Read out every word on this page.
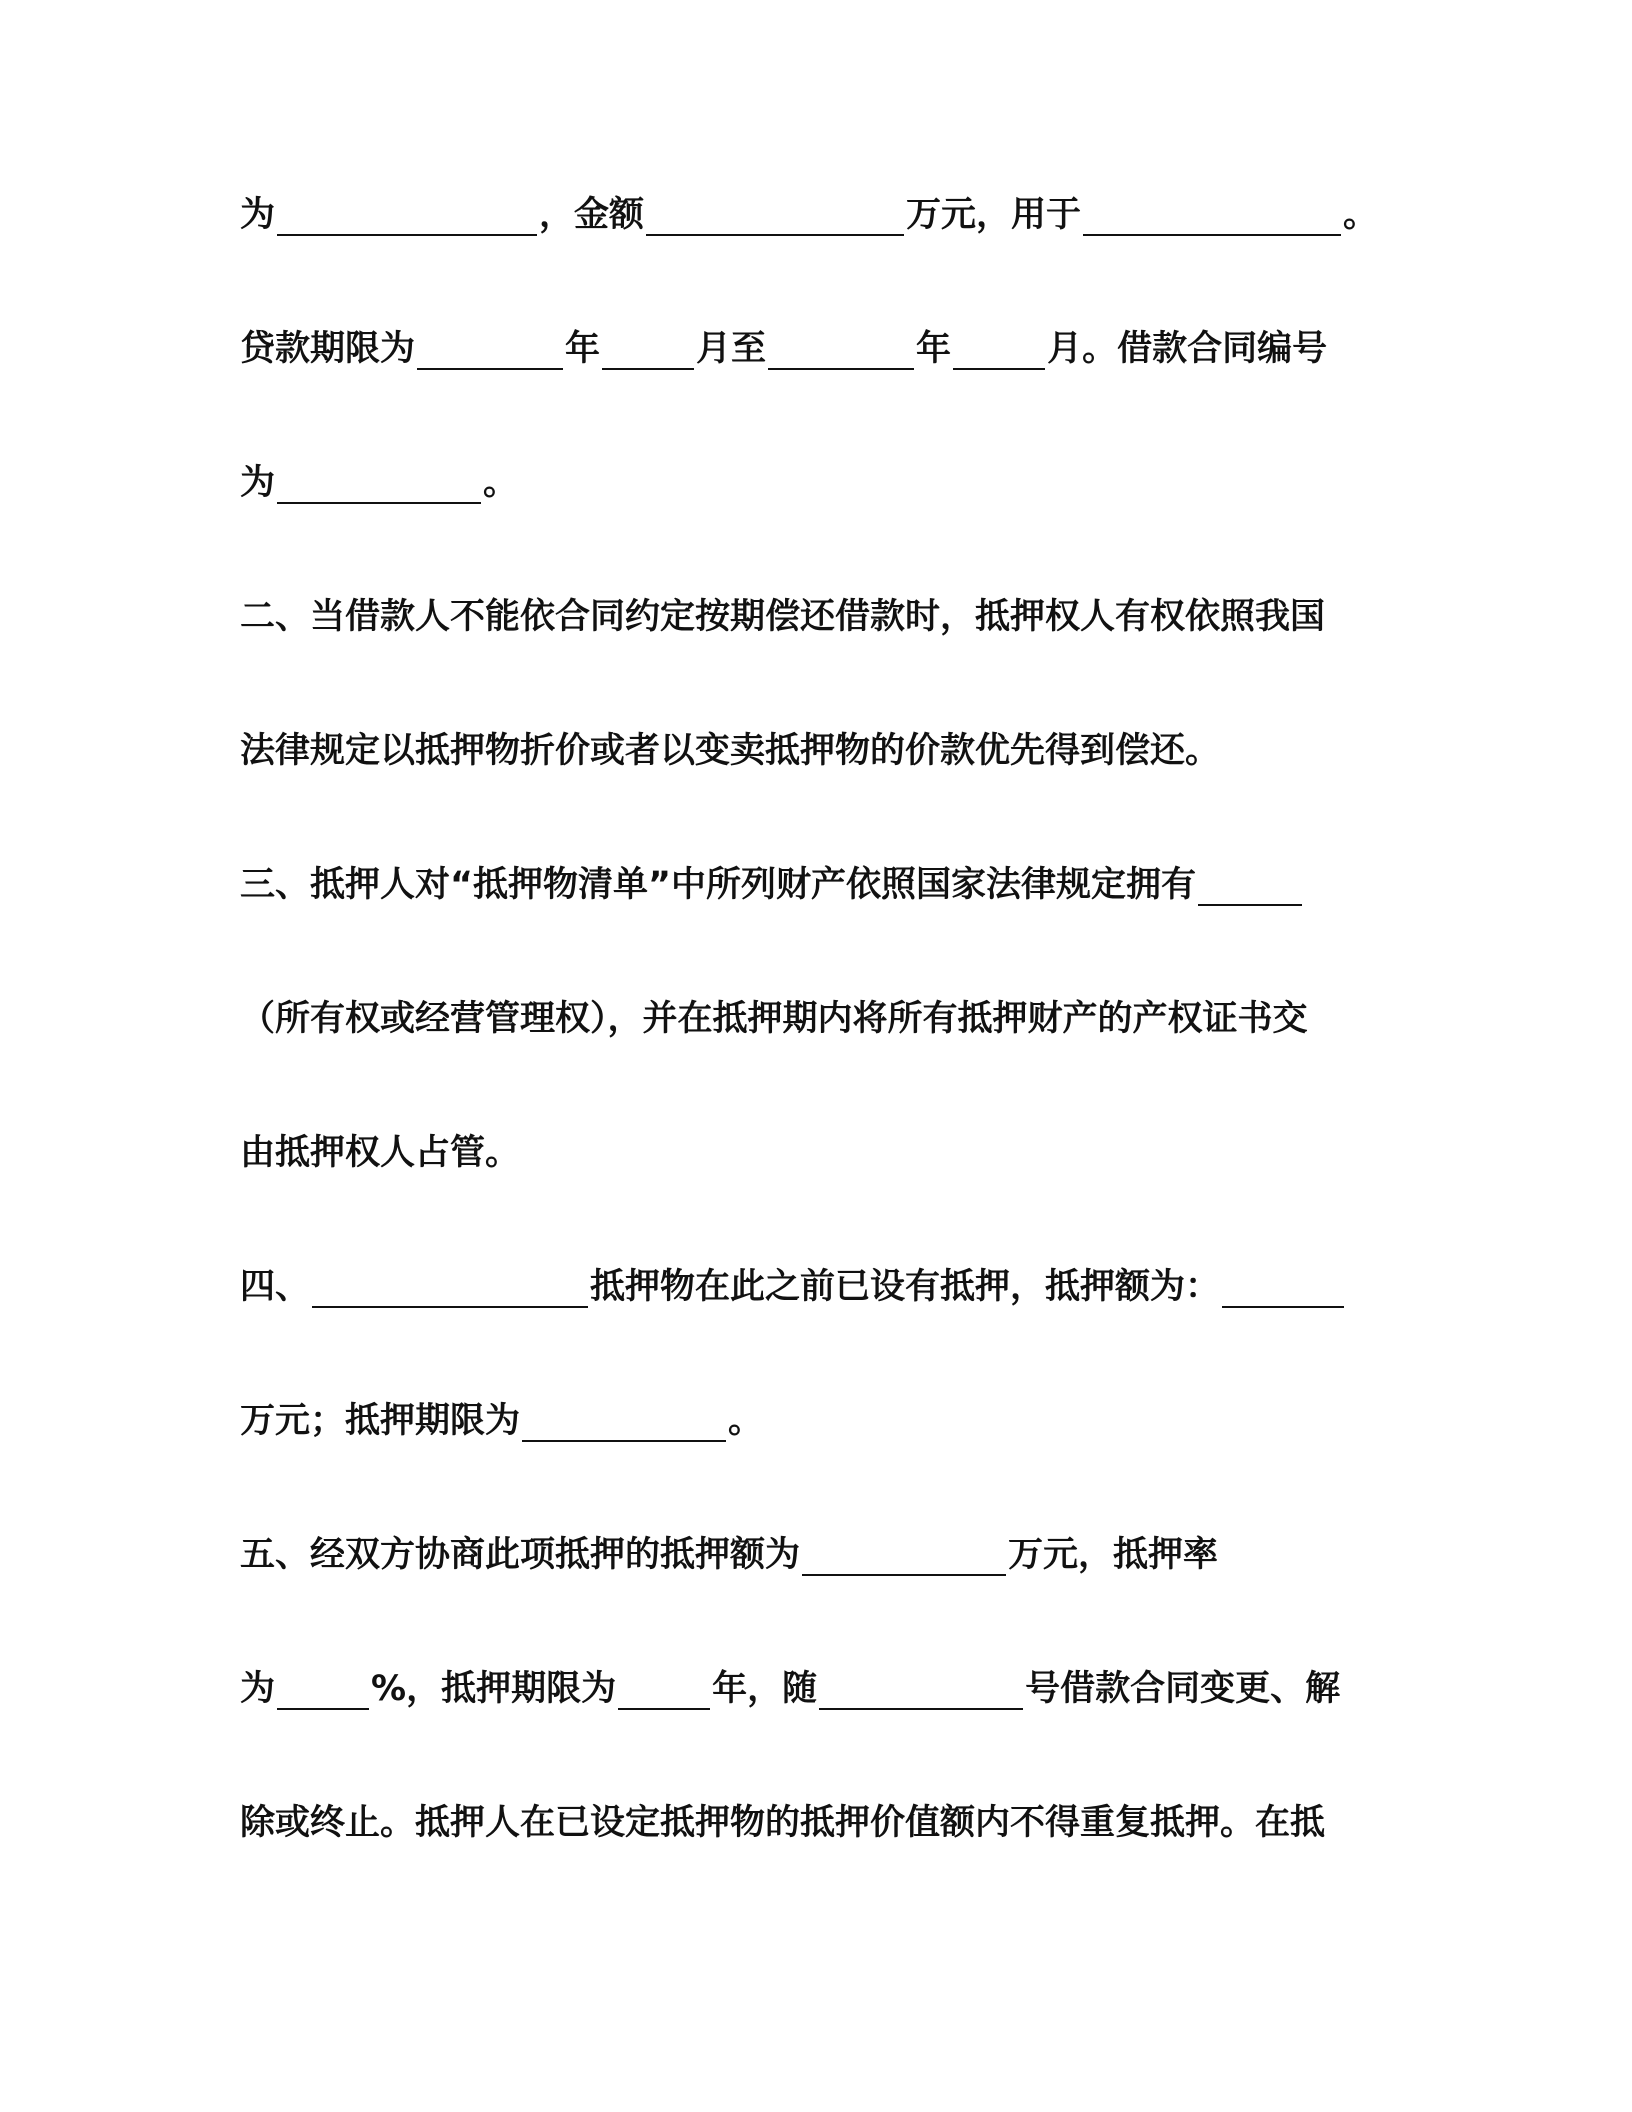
为	，金额	万元，用于	。
贷款期限为	年	月至	年	月。借款合同编号
为	。
二、当借款人不能依合同约定按期偿还借款时，抵押权人有权依照我国
法律规定以抵押物折价或者以变卖抵押物的价款优先得到偿还。
三、抵押人对“抵押物清单”中所列财产依照国家法律规定拥有
（所有权或经营管理权），并在抵押期内将所有抵押财产的产权证书交
由抵押权人占管。
四、	抵押物在此之前已设有抵押，抵押额为：
万元；抵押期限为	。
五、经双方协商此项抵押的抵押额为	万元，抵押率
为	%，抵押期限为	年，随	号借款合同变更、解
除或终止。抵押人在已设定抵押物的抵押价值额内不得重复抵押。在抵
